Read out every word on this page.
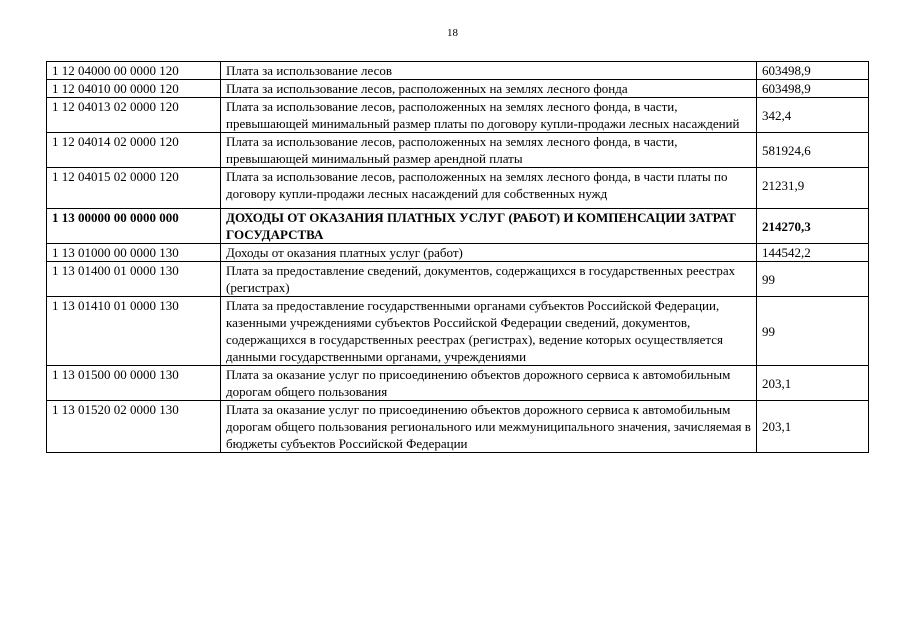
18
1 12 04000 00 0000 120	Плата за использование лесов	603498,9
1 12 04010 00 0000 120	Плата за использование лесов, расположенных на землях лесного фонда	603498,9
1 12 04013 02 0000 120	Плата за использование лесов, расположенных на землях лесного фонда, в части, превышающей минимальный размер платы по договору купли-продажи лесных насаждений	342,4
1 12 04014 02 0000 120	Плата за использование лесов, расположенных на землях лесного фонда, в части, превышающей минимальный размер арендной платы	581924,6
1 12 04015 02 0000 120	Плата за использование лесов, расположенных на землях лесного фонда, в части платы по договору купли-продажи лесных насаждений для собственных нужд	21231,9
1 13 00000 00 0000 000	ДОХОДЫ ОТ ОКАЗАНИЯ ПЛАТНЫХ УСЛУГ (РАБОТ) И КОМПЕНСАЦИИ ЗАТРАТ ГОСУДАРСТВА	214270,3
1 13 01000 00 0000 130	Доходы от оказания платных услуг (работ)	144542,2
1 13 01400 01 0000 130	Плата за предоставление сведений, документов, содержащихся в государственных реестрах (регистрах)	99
1 13 01410 01 0000 130	Плата за предоставление государственными органами субъектов Российской Федерации, казенными учреждениями субъектов Российской Федерации сведений, документов, содержащихся в государственных реестрах (регистрах), ведение которых осуществляется данными государственными органами, учреждениями	99
1 13 01500 00 0000 130	Плата за оказание услуг по присоединению объектов дорожного сервиса к автомобильным дорогам общего пользования	203,1
1 13 01520 02 0000 130	Плата за оказание услуг по присоединению объектов дорожного сервиса к автомобильным дорогам общего пользования регионального или межмуниципального значения, зачисляемая в бюджеты субъектов Российской Федерации	203,1
